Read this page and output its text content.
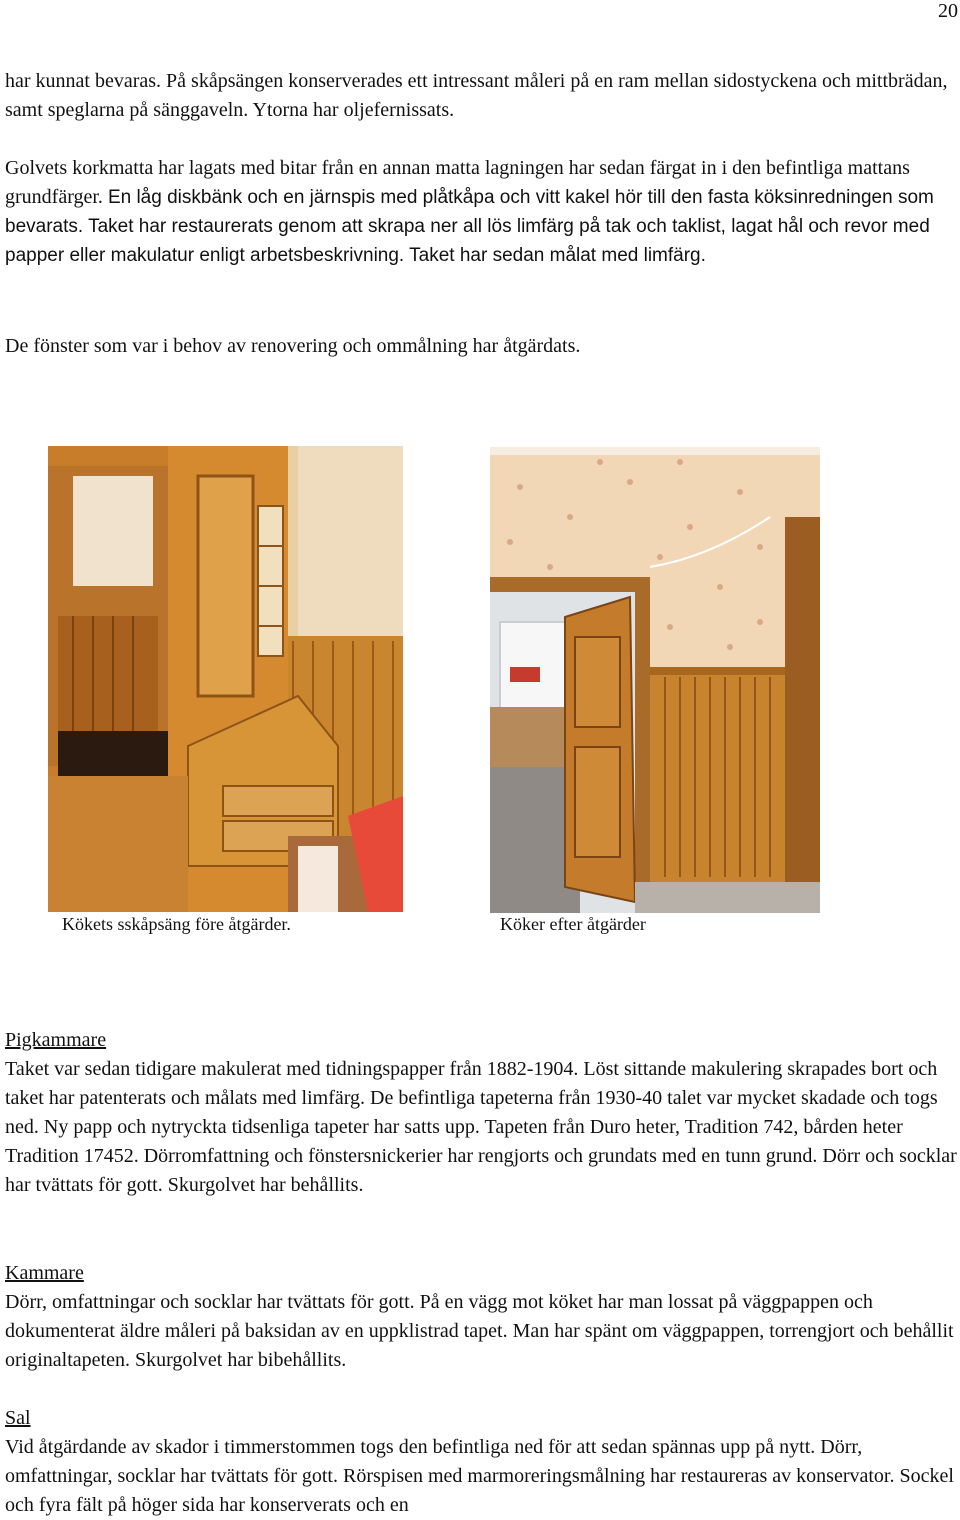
20
har kunnat bevaras. På skåpsängen konserverades ett intressant måleri på en ram mellan sidostyckena och mittbrädan, samt speglarna på sänggaveln. Ytorna har oljefernissats.
Golvets korkmatta har lagats med bitar från en annan matta lagningen har sedan färgat in i den befintliga mattans grundfärger. En låg diskbänk och en järnspis med plåtkåpa och vitt kakel hör till den fasta köksinredningen som bevarats. Taket har restaurerats genom att skrapa ner all lös limfärg på tak och taklist, lagat hål och revor med papper eller makulatur enligt arbetsbeskrivning. Taket har sedan målat med limfärg.
De fönster som var i behov av renovering och ommålning har åtgärdats.
Kökets sskåpsäng före åtgärder.	Köker efter åtgärder
Pigkammare
Taket var sedan tidigare makulerat med tidningspapper från 1882-1904. Löst sittande makulering skrapades bort och taket har patenterats och målats med limfärg. De befintliga tapeterna från 1930-40 talet var mycket skadade och togs ned. Ny papp och nytryckta tidsenliga tapeter har satts upp. Tapeten från Duro heter, Tradition 742, bården heter Tradition 17452. Dörromfattning och fönstersnickerier har rengjorts och grundats med en tunn grund. Dörr och socklar har tvättats för gott. Skurgolvet har behållits.
Kammare
Dörr, omfattningar och socklar har tvättats för gott. På en vägg mot köket har man lossat på väggpappen och dokumenterat äldre måleri på baksidan av en uppklistrad tapet. Man har spänt om väggpappen, torrengjort och behållit originaltapeten. Skurgolvet har bibehållits.
Sal
Vid åtgärdande av skador i timmerstommen togs den befintliga ned för att sedan spännas upp på nytt. Dörr, omfattningar, socklar har tvättats för gott. Rörspisen med marmoreringsmålning har restaureras av konservator. Sockel och fyra fält på höger sida har konserverats och en
